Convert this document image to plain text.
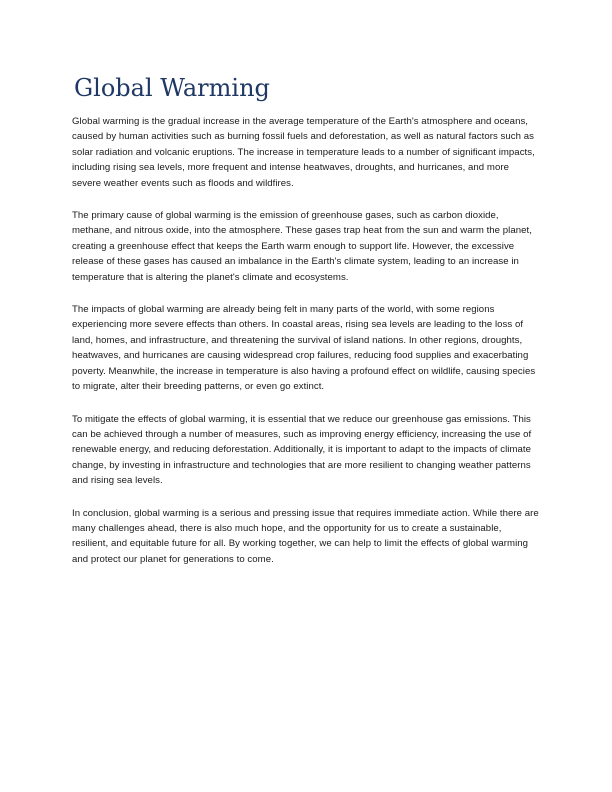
Global Warming

Global warming is the gradual increase in the average temperature of the Earth's atmosphere and oceans, caused by human activities such as burning fossil fuels and deforestation, as well as natural factors such as solar radiation and volcanic eruptions. The increase in temperature leads to a number of significant impacts, including rising sea levels, more frequent and intense heatwaves, droughts, and hurricanes, and more severe weather events such as floods and wildfires.

The primary cause of global warming is the emission of greenhouse gases, such as carbon dioxide, methane, and nitrous oxide, into the atmosphere. These gases trap heat from the sun and warm the planet, creating a greenhouse effect that keeps the Earth warm enough to support life. However, the excessive release of these gases has caused an imbalance in the Earth's climate system, leading to an increase in temperature that is altering the planet's climate and ecosystems.

The impacts of global warming are already being felt in many parts of the world, with some regions experiencing more severe effects than others. In coastal areas, rising sea levels are leading to the loss of land, homes, and infrastructure, and threatening the survival of island nations. In other regions, droughts, heatwaves, and hurricanes are causing widespread crop failures, reducing food supplies and exacerbating poverty. Meanwhile, the increase in temperature is also having a profound effect on wildlife, causing species to migrate, alter their breeding patterns, or even go extinct.

To mitigate the effects of global warming, it is essential that we reduce our greenhouse gas emissions. This can be achieved through a number of measures, such as improving energy efficiency, increasing the use of renewable energy, and reducing deforestation. Additionally, it is important to adapt to the impacts of climate change, by investing in infrastructure and technologies that are more resilient to changing weather patterns and rising sea levels.

In conclusion, global warming is a serious and pressing issue that requires immediate action. While there are many challenges ahead, there is also much hope, and the opportunity for us to create a sustainable, resilient, and equitable future for all. By working together, we can help to limit the effects of global warming and protect our planet for generations to come.
